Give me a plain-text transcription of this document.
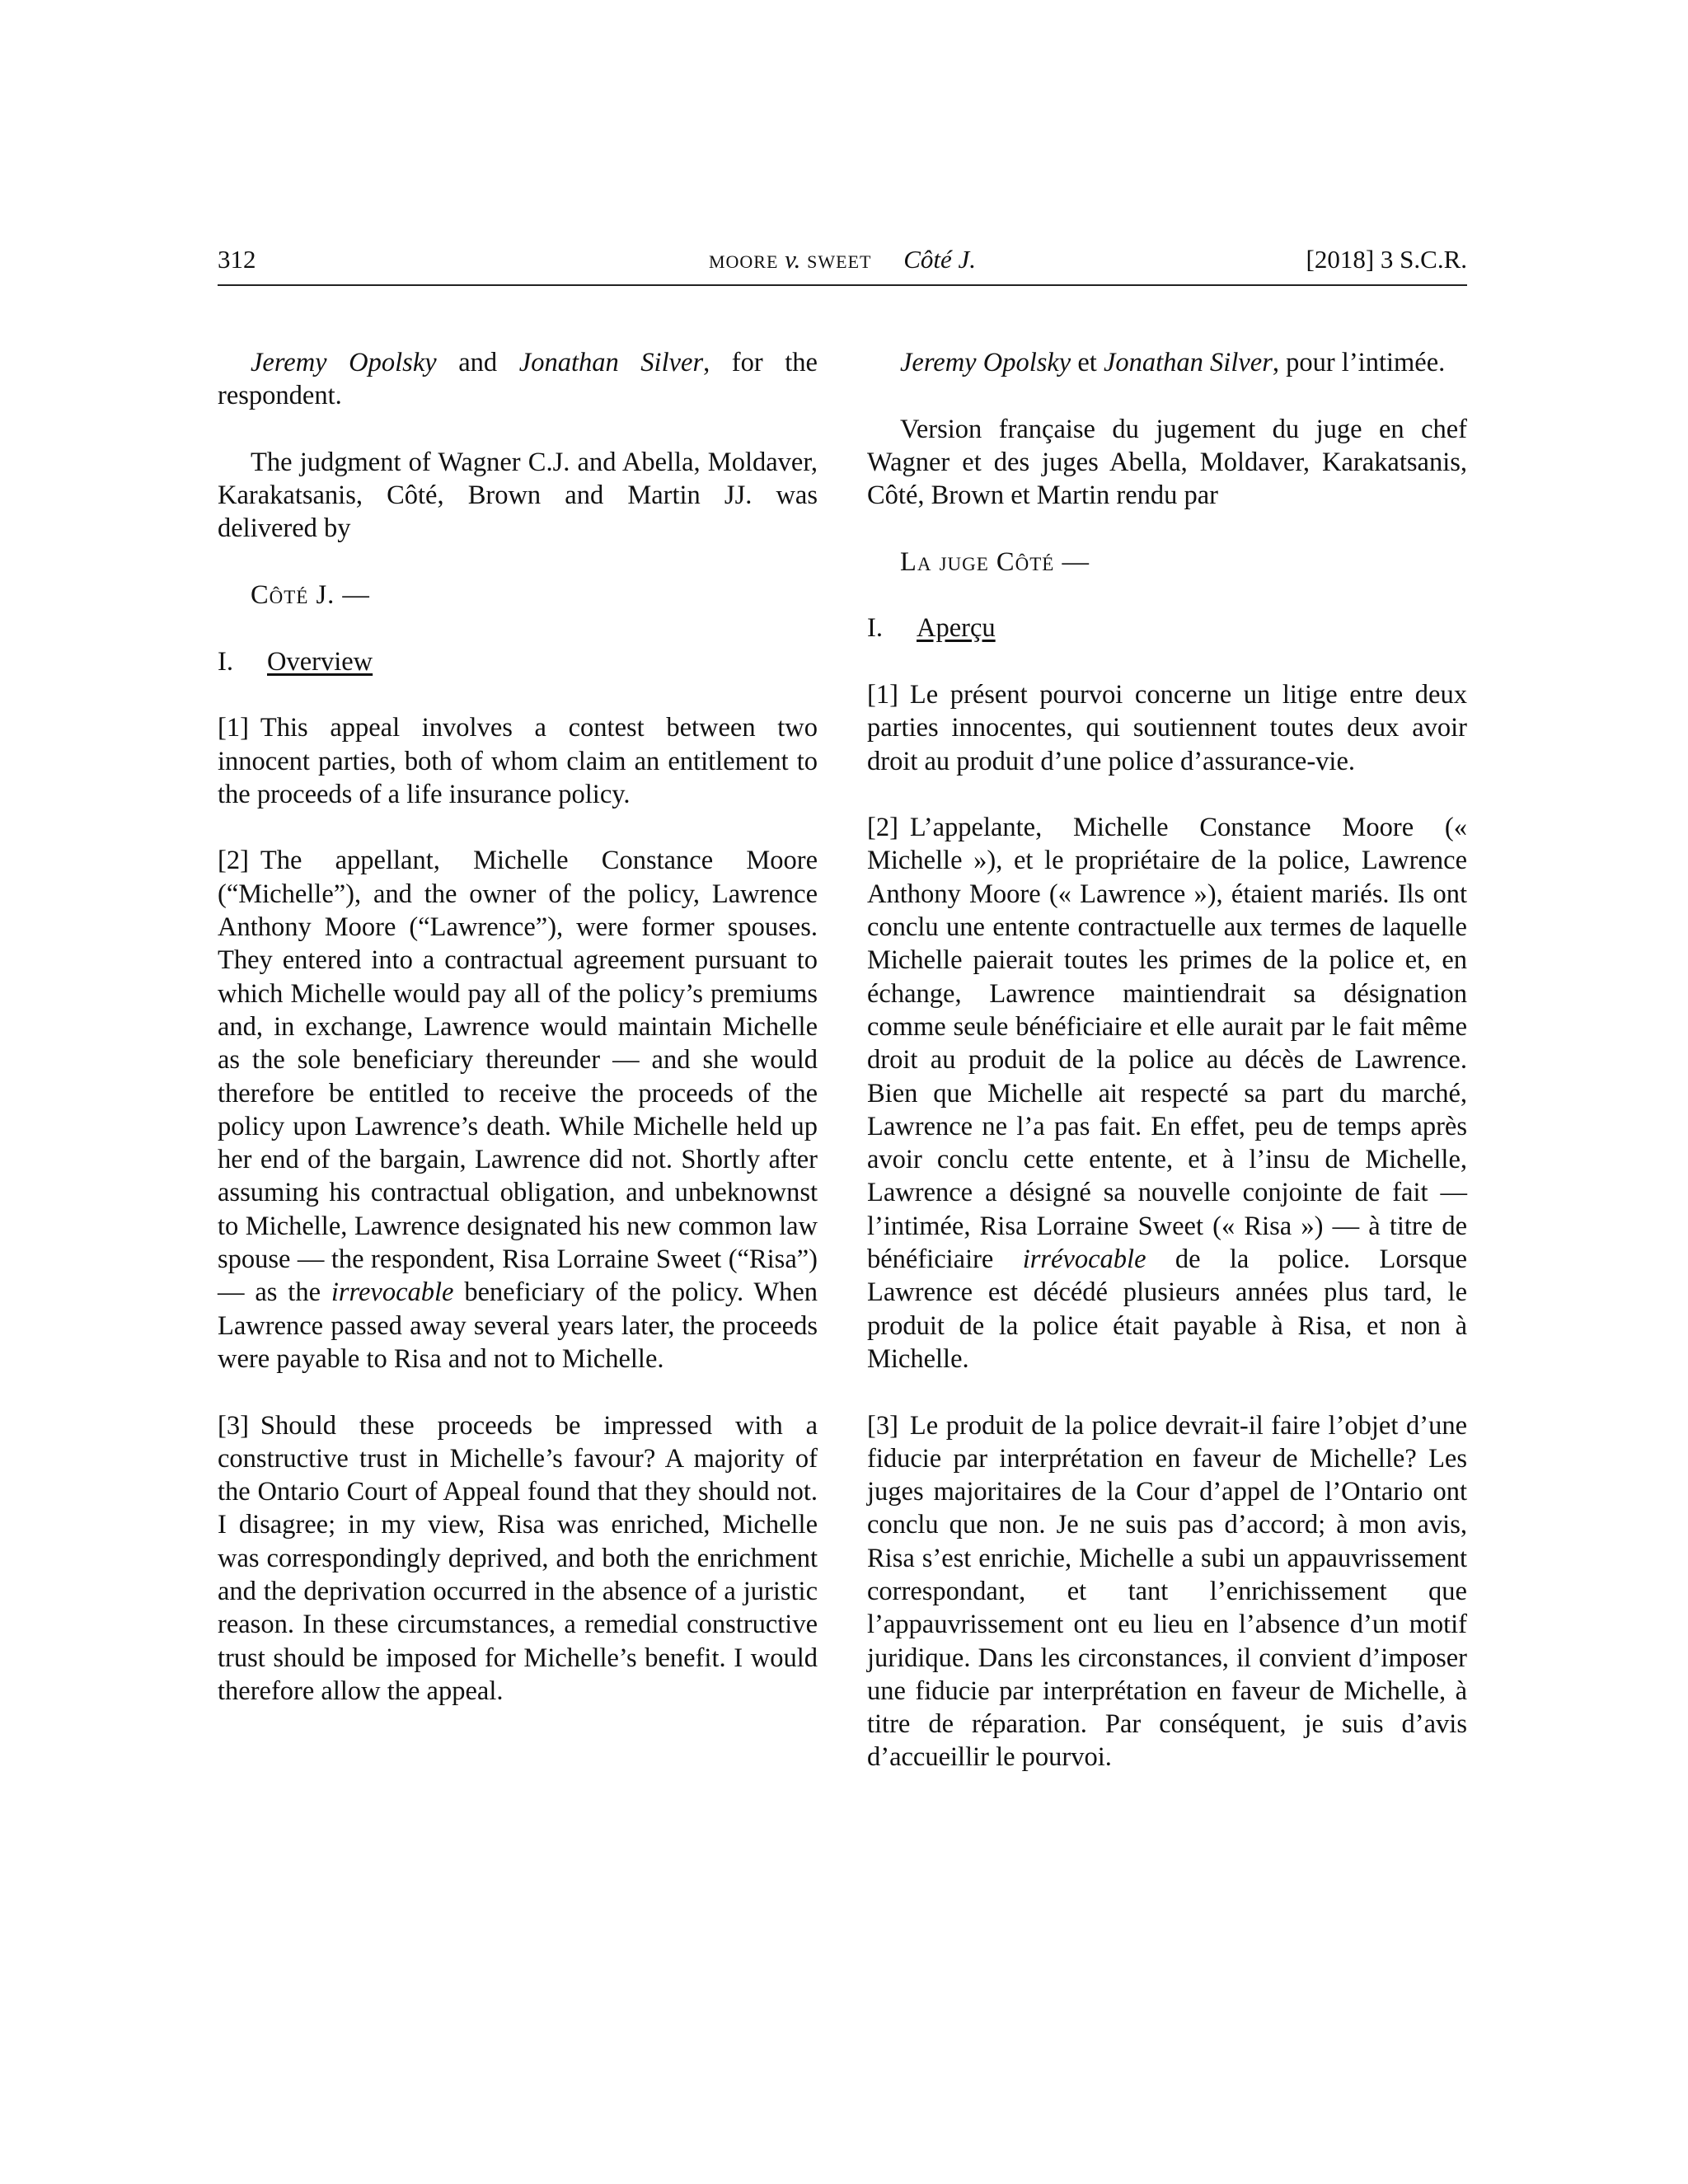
312	moore v. sweet Côté J.	[2018] 3 S.C.R.

Jeremy Opolsky and Jonathan Silver, for the respondent.

The judgment of Wagner C.J. and Abella, Moldaver, Karakatsanis, Côté, Brown and Martin JJ. was delivered by

Côté J. —

I. Overview

[1] This appeal involves a contest between two innocent parties, both of whom claim an entitlement to the proceeds of a life insurance policy.

[2] The appellant, Michelle Constance Moore (“Michelle”), and the owner of the policy, Lawrence Anthony Moore (“Lawrence”), were former spouses. They entered into a contractual agreement pursuant to which Michelle would pay all of the policy’s premiums and, in exchange, Lawrence would maintain Michelle as the sole beneficiary thereunder — and she would therefore be entitled to receive the proceeds of the policy upon Lawrence’s death. While Michelle held up her end of the bargain, Lawrence did not. Shortly after assuming his contractual obligation, and unbeknownst to Michelle, Lawrence designated his new common law spouse — the respondent, Risa Lorraine Sweet (“Risa”) — as the irrevocable beneficiary of the policy. When Lawrence passed away several years later, the proceeds were payable to Risa and not to Michelle.

[3] Should these proceeds be impressed with a constructive trust in Michelle’s favour? A majority of the Ontario Court of Appeal found that they should not. I disagree; in my view, Risa was enriched, Michelle was correspondingly deprived, and both the enrichment and the deprivation occurred in the absence of a juristic reason. In these circumstances, a remedial constructive trust should be imposed for Michelle’s benefit. I would therefore allow the appeal.

Jeremy Opolsky et Jonathan Silver, pour l’intimée.

Version française du jugement du juge en chef Wagner et des juges Abella, Moldaver, Karakatsanis, Côté, Brown et Martin rendu par

La juge Côté —

I. Aperçu

[1] Le présent pourvoi concerne un litige entre deux parties innocentes, qui soutiennent toutes deux avoir droit au produit d’une police d’assurance-vie.

[2] L’appelante, Michelle Constance Moore (« Michelle »), et le propriétaire de la police, Lawrence Anthony Moore (« Lawrence »), étaient mariés. Ils ont conclu une entente contractuelle aux termes de laquelle Michelle paierait toutes les primes de la police et, en échange, Lawrence maintiendrait sa désignation comme seule bénéficiaire et elle aurait par le fait même droit au produit de la police au décès de Lawrence. Bien que Michelle ait respecté sa part du marché, Lawrence ne l’a pas fait. En effet, peu de temps après avoir conclu cette entente, et à l’insu de Michelle, Lawrence a désigné sa nouvelle conjointe de fait — l’intimée, Risa Lorraine Sweet (« Risa ») — à titre de bénéficiaire irrévocable de la police. Lorsque Lawrence est décédé plusieurs années plus tard, le produit de la police était payable à Risa, et non à Michelle.

[3] Le produit de la police devrait-il faire l’objet d’une fiducie par interprétation en faveur de Michelle? Les juges majoritaires de la Cour d’appel de l’Ontario ont conclu que non. Je ne suis pas d’accord; à mon avis, Risa s’est enrichie, Michelle a subi un appauvrissement correspondant, et tant l’enrichissement que l’appauvrissement ont eu lieu en l’absence d’un motif juridique. Dans les circonstances, il convient d’imposer une fiducie par interprétation en faveur de Michelle, à titre de réparation. Par conséquent, je suis d’avis d’accueillir le pourvoi.
